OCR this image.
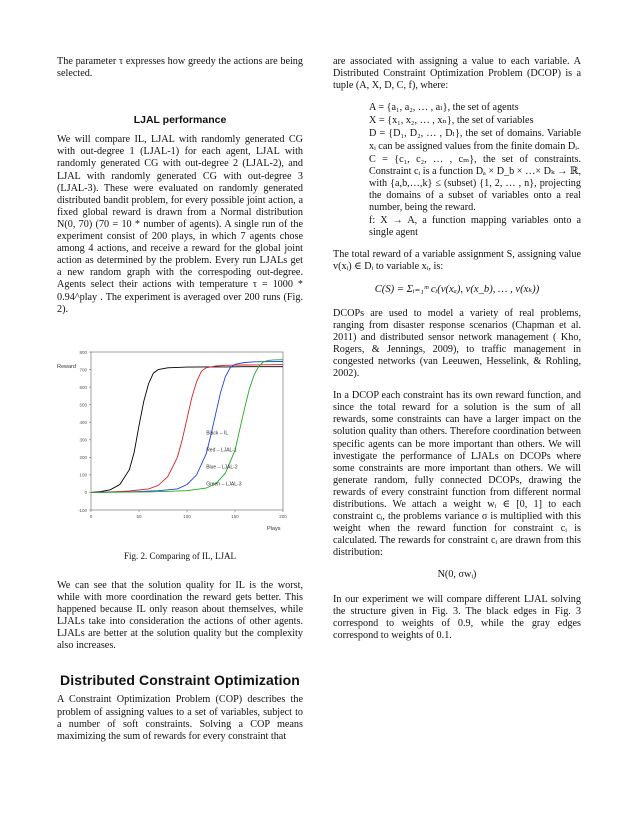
The parameter τ expresses how greedy the actions are being selected.

LJAL performance

We will compare IL, LJAL with randomly generated CG with out-degree 1 (LJAL-1) for each agent, LJAL with randomly generated CG with out-degree 2 (LJAL-2), and LJAL with randomly generated CG with out-degree 3 (LJAL-3). These were evaluated on randomly generated distributed bandit problem, for every possible joint action, a fixed global reward is drawn from a Normal distribution N(0, 70) (70 = 10 * number of agents). A single run of the experiment consist of 200 plays, in which 7 agents chose among 4 actions, and receive a reward for the global joint action as determined by the problem. Every run LJALs get a new random graph with the correspoding out-degree. Agents select their actions with temperature τ = 1000 * 0.94^play . The experiment is averaged over 200 runs (Fig. 2).

-100
0
100
200
300
400
500
600
700
800
0	50	100	150	200
Reward
Plays
Black – IL
Red – LJAL-1
Blue – LJAL-2
Green – LJAL-3
Fig. 2. Comparing of IL, LJAL

We can see that the solution quality for IL is the worst, while with more coordination the reward gets better. This happened because IL only reason about themselves, while LJALs take into consideration the actions of other agents. LJALs are better at the solution quality but the complexity also increases.

Distributed Constraint Optimization

A Constraint Optimization Problem (COP) describes the problem of assigning values to a set of variables, subject to a number of soft constraints. Solving a COP means maximizing the sum of rewards for every constraint that

are associated with assigning a value to each variable. A Distributed Constraint Optimization Problem (DCOP) is a tuple (A, X, D, C, f), where:

A = {a₁, a₂, … , aₗ}, the set of agents
X = {x₁, x₂, … , xₙ}, the set of variables
D = {D₁, D₂, … , Dₗ}, the set of domains. Variable xᵢ can be assigned values from the finite domain Dᵢ.
C = {c₁, c₂, … , cₘ}, the set of constraints. Constraint cᵢ is a function Dₐ × D_b × …× Dₖ → ℝ, with {a,b,…,k} ≤ (subset) {1, 2, … , n}, projecting the domains of a subset of variables onto a real number, being the reward.
f: X → A, a function mapping variables onto a single agent

The total reward of a variable assignment S, assigning value v(xᵢ) ∈ Dᵢ to variable xᵢ, is:

C(S) = Σᵢ₌₁ᵐ cᵢ(v(xₐ), v(x_b), … , v(xₖ))

DCOPs are used to model a variety of real problems, ranging from disaster response scenarios (Chapman et al. 2011) and distributed sensor network management ( Kho, Rogers, & Jennings, 2009), to traffic management in congested networks (van Leeuwen, Hesselink, & Rohling, 2002).

In a DCOP each constraint has its own reward function, and since the total reward for a solution is the sum of all rewards, some constraints can have a larger impact on the solution quality than others. Therefore coordination between specific agents can be more important than others. We will investigate the performance of LJALs on DCOPs where some constraints are more important than others. We will generate random, fully connected DCOPs, drawing the rewards of every constraint function from different normal distributions. We attach a weight wᵢ ∈ [0, 1] to each constraint cᵢ, the problems variance σ is multiplied with this weight when the reward function for constraint cᵢ is calculated. The rewards for constraint cᵢ are drawn from this distribution:

N(0, σwᵢ)

In our experiment we will compare different LJAL solving the structure given in Fig. 3. The black edges in Fig. 3 correspond to weights of 0.9, while the gray edges correspond to weights of 0.1.
